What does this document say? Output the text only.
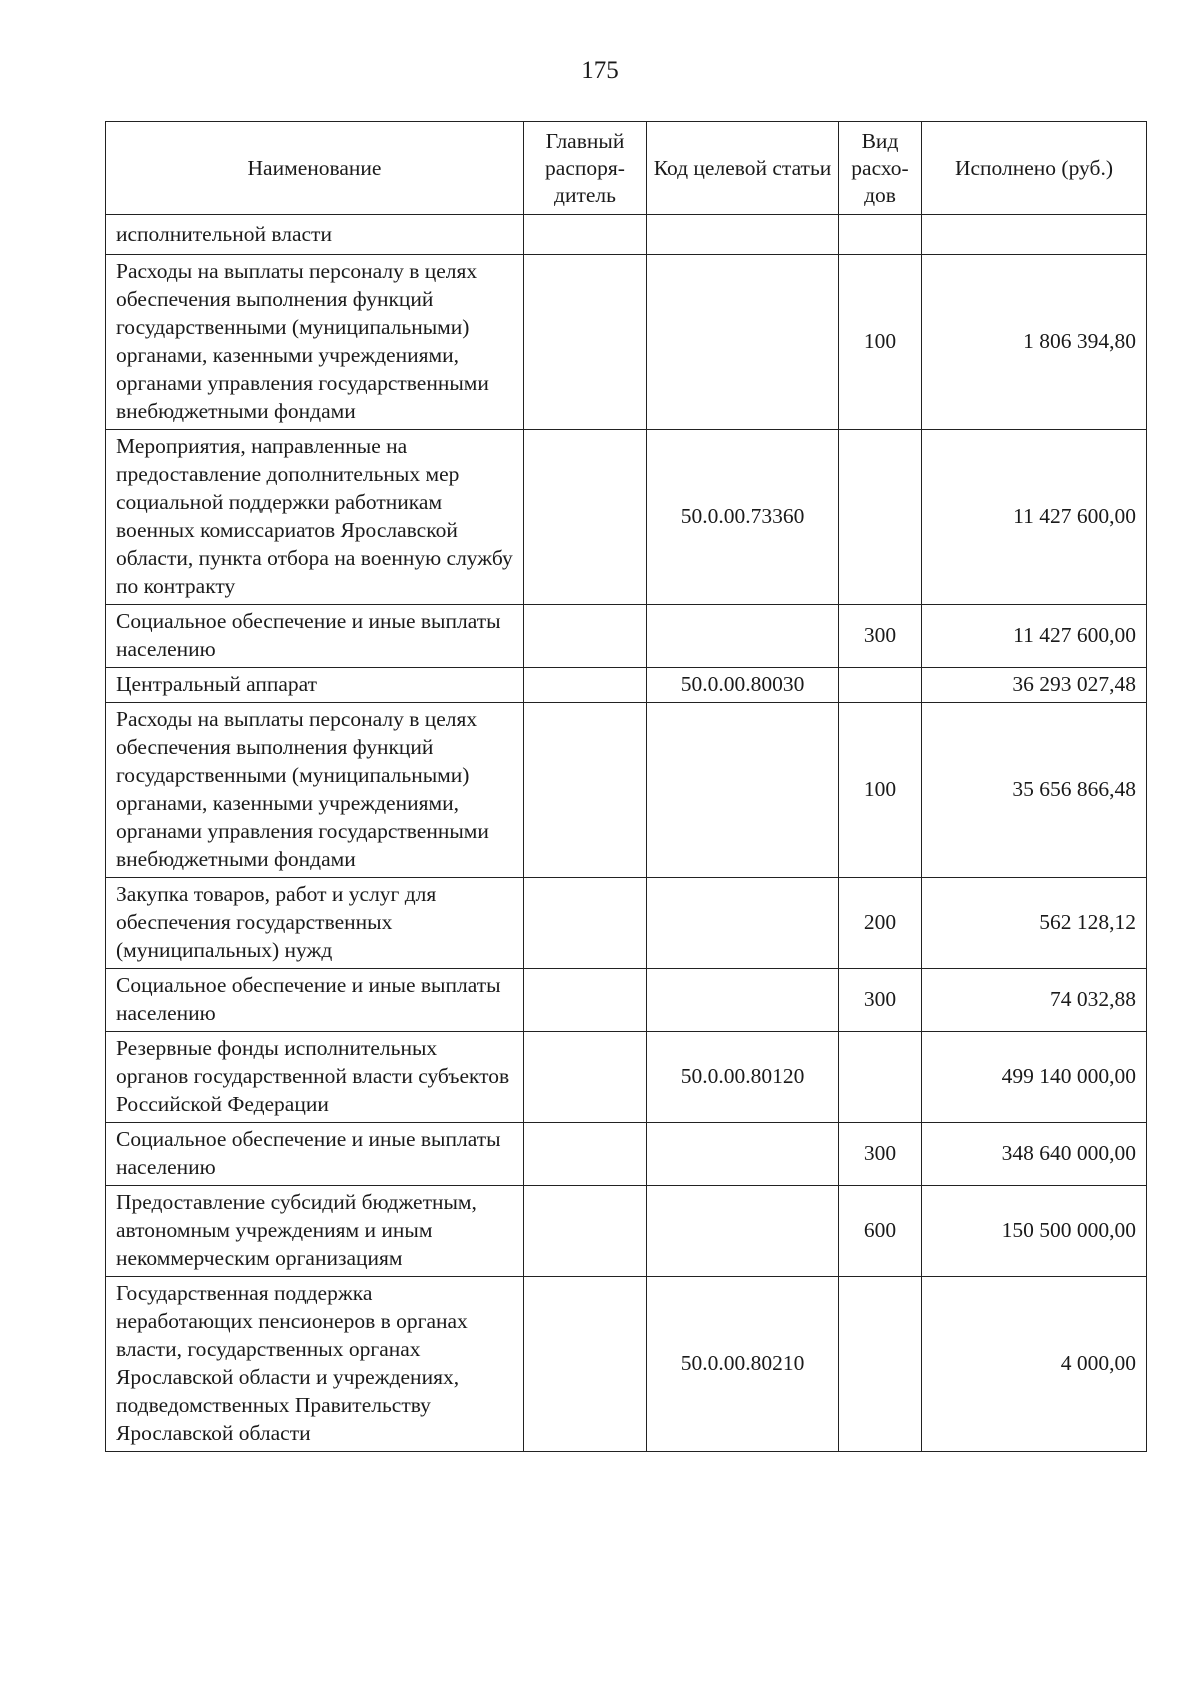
175
Наименование	Главный распоря-дитель	Код целевой статьи	Вид расхо-дов	Исполнено (руб.)
исполнительной власти				
Расходы на выплаты персоналу в целях обеспечения выполнения функций государственными (муниципальными) органами, казенными учреждениями, органами управления государственными внебюджетными фондами			100	1 806 394,80
Мероприятия, направленные на предоставление дополнительных мер социальной поддержки работникам военных комиссариатов Ярославской области, пункта отбора на военную службу по контракту		50.0.00.73360		11 427 600,00
Социальное обеспечение и иные выплаты населению			300	11 427 600,00
Центральный аппарат		50.0.00.80030		36 293 027,48
Расходы на выплаты персоналу в целях обеспечения выполнения функций государственными (муниципальными) органами, казенными учреждениями, органами управления государственными внебюджетными фондами			100	35 656 866,48
Закупка товаров, работ и услуг для обеспечения государственных (муниципальных) нужд			200	562 128,12
Социальное обеспечение и иные выплаты населению			300	74 032,88
Резервные фонды исполнительных органов государственной власти субъектов Российской Федерации		50.0.00.80120		499 140 000,00
Социальное обеспечение и иные выплаты населению			300	348 640 000,00
Предоставление субсидий бюджетным, автономным учреждениям и иным некоммерческим организациям			600	150 500 000,00
Государственная поддержка неработающих пенсионеров в органах власти, государственных органах Ярославской области и учреждениях, подведомственных Правительству Ярославской области		50.0.00.80210		4 000,00
